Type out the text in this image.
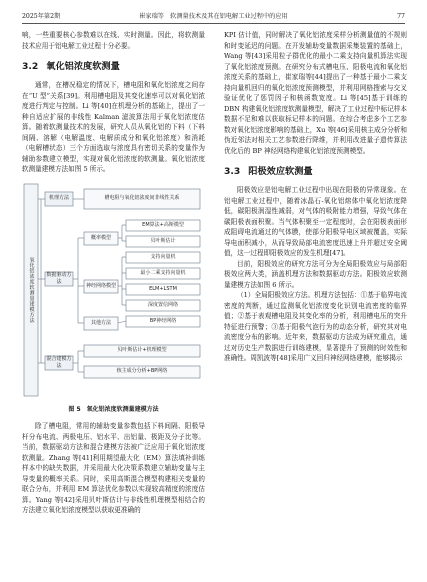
2025年第2期	崔家瑞等　软测量技术及其在铝电解工业过程中的应用	77

响，一些重要核心参数难以在线、实时测量。因此，将软测量技术应用于铝电解工业过程十分必要。

3.2 氧化铝浓度软测量

通常，在槽况稳定的情况下，槽电阻和氧化铝浓度之间存在“U 型”关系[39]。利用槽电阻及其变化速率可以对氧化铝浓度进行判定与控制。Li 等[40]在机理分析的基础上，提出了一种自适应扩展的非线性 Kalman 滤波算法用于氧化铝浓度估算。随着软测量技术的发展，研究人员从氧化铝的下料（下料间隔、溶解（电解温度、电解质成分和氧化铝浓度）和消耗（电解槽状态）三个方面选取与浓度具有密切关系的变量作为辅助参数建立模型，实现对氧化铝浓度的软测量。氧化铝浓度软测量建模方法如图 5 所示。

氧化铝浓度软测量建模方法
机理方法
数据驱动方法
混合建模方法
槽电阻与氧化铝浓度间非线性关系
概率模型
神经网络模型
其他方法
EM算法+高斯模型
贝叶斯估计
支持向量机
最小二乘支持向量机
ELM+LSTM
深度置信网络
BP神经网络
贝叶斯估计+机理模型
核主成分分析+BP网络
图 5　氧化铝浓度软测量建模方法

除了槽电阻，常用的辅助变量参数包括下料间隔、阳极导杆分布电流、两极电压、铝水平、出铝量、极距及分子比等。当前，数据驱动方法和混合建模方法被广泛应用于氧化铝浓度软测量。Zhang 等[41]利用期望最大化（EM）算法填补训练样本中的缺失数据，并采用最大化决策系数建立辅助变量与主导变量的概率关系。同时，采用高斯混合模型构建相关变量的联合分布，并利用 EM 算法优化参数以实现较高精度的浓度估算。Yang 等[42]采用贝叶斯估计与非线性机理模型相结合的方法建立氧化铝浓度模型以获取更准确的

KPI 估计值，同时解决了氧化铝浓度采样分析测量值的不规则和时变延迟的问题。在开发辅助变量数据采集装置的基础上，Wang 等[43]采用粒子群优化的最小二乘支持向量机算法实现了氧化铝浓度预测。在研究分布式槽电压、阳极电流和氧化铝浓度关系的基础上，崔家瑞等[44]提出了一种基于最小二乘支持向量机回归的氧化铝浓度预测模型，并利用网格搜索与交叉验证优化了惩罚因子和核函数宽度。Li 等[45]基于训练的 DBN 构建氧化铝浓度软测量模型，解决了工业过程中标记样本数据不足和难以获取标记样本的问题。在综合考虑多个工艺参数对氧化铝浓度影响的基础上，Xu 等[46]采用核主成分分析和伪近邻法对相关工艺参数进行降维，并利用改进量子遗传算法优化后的 BP 神经网络构建氧化铝浓度预测模型。

3.3 阳极效应软测量

阳极效应是铝电解工业过程中出现在阳极的异常现象。在铝电解工业过程中，随着冰晶石-氧化铝熔体中氧化铝浓度降低，碳阳极润湿性减弱，对气体的吸附能力增强，导致气体在碳阳极表面积聚。当气体积聚至一定程度时，会在阳极表面形成阻碍电流通过的气体膜，使部分阳极导电区域被覆盖，实际导电面积减小，从而导致局部电流密度迅速上升并超过安全阈值，这一过程即阳极效应的发生机理[47]。

目前，阳极效应的研究方法可分为全局阳极效应与局部阳极效应两大类，涵盖机理方法和数据驱动方法。阳极效应软测量建模方法如图 6 所示。

（1）全局阳极效应方法。机理方法包括：①基于临界电流密度的判断，通过监测氧化铝浓度变化识别电流密度的临界值；②基于表观槽电阻及其变化率的分析，利用槽电压的突升特征进行预警；③基于阳极气泡行为的动态分析，研究其对电流密度分布的影响。近年来，数据驱动方法成为研究重点，通过对历史生产数据进行训练建模，显著提升了预测的时效性和准确性。周凯波等[48]采用广义回归神经网络建模，能够揭示
